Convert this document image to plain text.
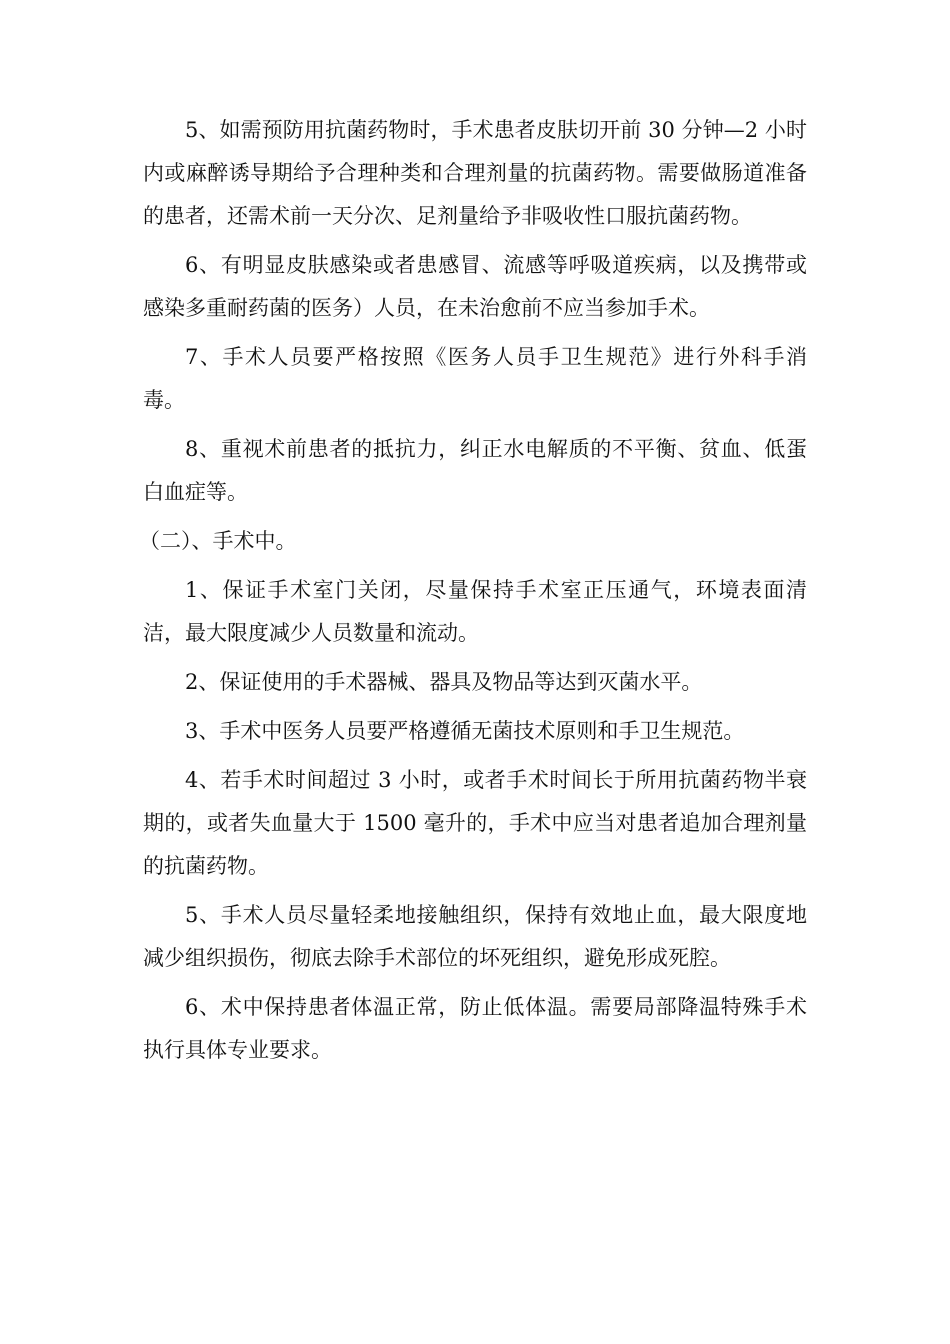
5、如需预防用抗菌药物时，手术患者皮肤切开前 30 分钟—2 小时内或麻醉诱导期给予合理种类和合理剂量的抗菌药物。需要做肠道准备的患者，还需术前一天分次、足剂量给予非吸收性口服抗菌药物。

6、有明显皮肤感染或者患感冒、流感等呼吸道疾病，以及携带或感染多重耐药菌的医务）人员，在未治愈前不应当参加手术。

7、手术人员要严格按照《医务人员手卫生规范》进行外科手消毒。

8、重视术前患者的抵抗力，纠正水电解质的不平衡、贫血、低蛋白血症等。

（二）、手术中。

1、保证手术室门关闭，尽量保持手术室正压通气，环境表面清洁，最大限度减少人员数量和流动。

2、保证使用的手术器械、器具及物品等达到灭菌水平。

3、手术中医务人员要严格遵循无菌技术原则和手卫生规范。

4、若手术时间超过 3 小时，或者手术时间长于所用抗菌药物半衰期的，或者失血量大于 1500 毫升的，手术中应当对患者追加合理剂量的抗菌药物。

5、手术人员尽量轻柔地接触组织，保持有效地止血，最大限度地减少组织损伤，彻底去除手术部位的坏死组织，避免形成死腔。

6、术中保持患者体温正常，防止低体温。需要局部降温特殊手术执行具体专业要求。
